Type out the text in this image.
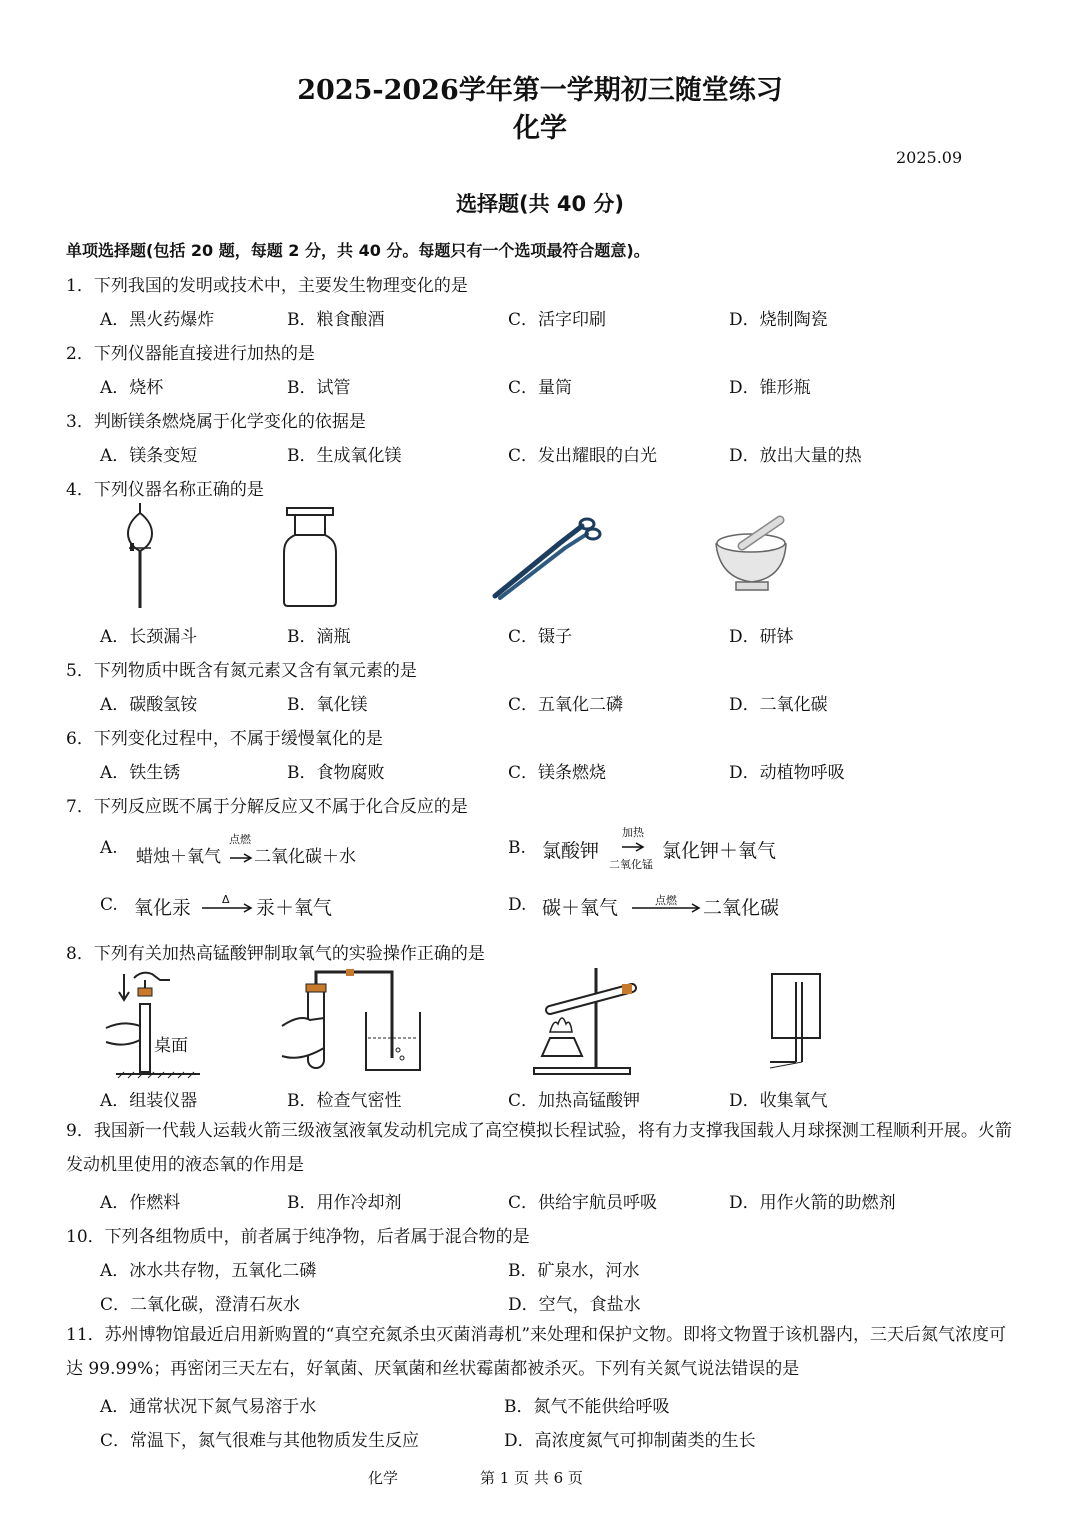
2025-2026学年第一学期初三随堂练习
化学
2025.09
选择题(共 40 分)
单项选择题(包括 20 题，每题 2 分，共 40 分。每题只有一个选项最符合题意)。
1．下列我国的发明或技术中，主要发生物理变化的是
A．黑火药爆炸	B．粮食酿酒	C．活字印刷	D．烧制陶瓷
2．下列仪器能直接进行加热的是
A．烧杯	B．试管	C．量筒	D．锥形瓶
3．判断镁条燃烧属于化学变化的依据是
A．镁条变短	B．生成氧化镁	C．发出耀眼的白光	D．放出大量的热
4．下列仪器名称正确的是
A．长颈漏斗	B．滴瓶	C．镊子	D．研钵
5．下列物质中既含有氮元素又含有氧元素的是
A．碳酸氢铵	B．氧化镁	C．五氧化二磷	D．二氧化碳
6．下列变化过程中，不属于缓慢氧化的是
A．铁生锈	B．食物腐败	C．镁条燃烧	D．动植物呼吸
7．下列反应既不属于分解反应又不属于化合反应的是
A. 蜡烛＋氧气
点燃
二氧化碳＋水	B. 氯酸钾
加热
二氧化锰
氯化钾＋氧气
C. 氧化汞	Δ 汞＋氧气	D. 碳＋氧气	点燃 二氧化碳
8．下列有关加热高锰酸钾制取氧气的实验操作正确的是
桌面
A．组装仪器	B．检查气密性	C．加热高锰酸钾	D．收集氧气
9．我国新一代载人运载火箭三级液氢液氧发动机完成了高空模拟长程试验，将有力支撑我国载人月球探测工程顺利开展。火箭发动机里使用的液态氧的作用是
A．作燃料	B．用作冷却剂	C．供给宇航员呼吸	D．用作火箭的助燃剂
10．下列各组物质中，前者属于纯净物，后者属于混合物的是
A．冰水共存物，五氧化二磷	B．矿泉水，河水
C．二氧化碳，澄清石灰水	D．空气，食盐水
11．苏州博物馆最近启用新购置的“真空充氮杀虫灭菌消毒机”来处理和保护文物。即将文物置于该机器内，三天后氮气浓度可达 99.99%；再密闭三天左右，好氧菌、厌氧菌和丝状霉菌都被杀灭。下列有关氮气说法错误的是
A．通常状况下氮气易溶于水	B．氮气不能供给呼吸
C．常温下，氮气很难与其他物质发生反应	D．高浓度氮气可抑制菌类的生长
化学	第 1 页 共 6 页
